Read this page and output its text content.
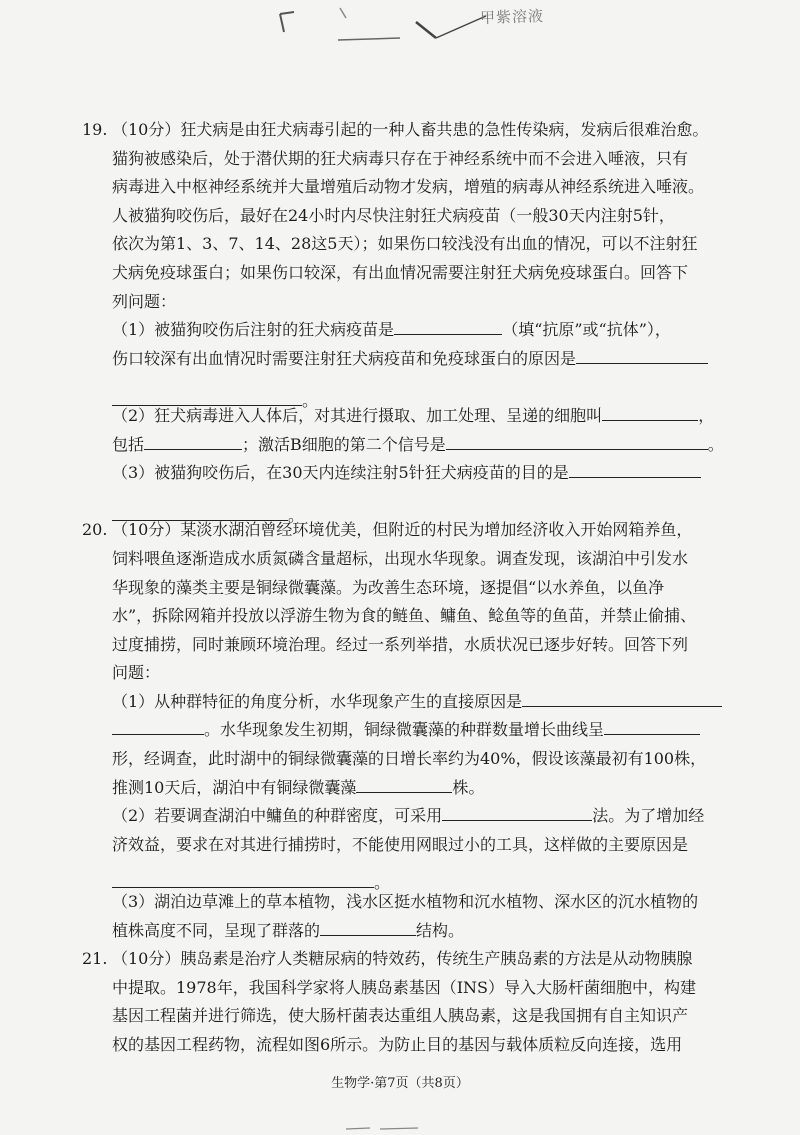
甲紫溶液
19. （10分）狂犬病是由狂犬病毒引起的一种人畜共患的急性传染病，发病后很难治愈。
猫狗被感染后，处于潜伏期的狂犬病毒只存在于神经系统中而不会进入唾液，只有
病毒进入中枢神经系统并大量增殖后动物才发病，增殖的病毒从神经系统进入唾液。
人被猫狗咬伤后，最好在24小时内尽快注射狂犬病疫苗（一般30天内注射5针，
依次为第1、3、7、14、28这5天）；如果伤口较浅没有出血的情况，可以不注射狂
犬病免疫球蛋白；如果伤口较深，有出血情况需要注射狂犬病免疫球蛋白。回答下
列问题：
（1）被猫狗咬伤后注射的狂犬病疫苗是	（填“抗原”或“抗体”），
伤口较深有出血情况时需要注射狂犬病疫苗和免疫球蛋白的原因是
。
（2）狂犬病毒进入人体后，对其进行摄取、加工处理、呈递的细胞叫	，
包括	；激活B细胞的第二个信号是	。
（3）被猫狗咬伤后，在30天内连续注射5针狂犬病疫苗的目的是
。
20. （10分）某淡水湖泊曾经环境优美，但附近的村民为增加经济收入开始网箱养鱼，
饲料喂鱼逐渐造成水质氮磷含量超标，出现水华现象。调查发现，该湖泊中引发水
华现象的藻类主要是铜绿微囊藻。为改善生态环境，逐提倡“以水养鱼，以鱼净
水”，拆除网箱并投放以浮游生物为食的鲢鱼、鳙鱼、鲶鱼等的鱼苗，并禁止偷捕、
过度捕捞，同时兼顾环境治理。经过一系列举措，水质状况已逐步好转。回答下列
问题：
（1）从种群特征的角度分析，水华现象产生的直接原因是
。水华现象发生初期，铜绿微囊藻的种群数量增长曲线呈
形，经调查，此时湖中的铜绿微囊藻的日增长率约为40%，假设该藻最初有100株，
推测10天后，湖泊中有铜绿微囊藻	株。
（2）若要调查湖泊中鳙鱼的种群密度，可采用	法。为了增加经
济效益，要求在对其进行捕捞时，不能使用网眼过小的工具，这样做的主要原因是
。
（3）湖泊边草滩上的草本植物，浅水区挺水植物和沉水植物、深水区的沉水植物的
植株高度不同，呈现了群落的	结构。
21. （10分）胰岛素是治疗人类糖尿病的特效药，传统生产胰岛素的方法是从动物胰腺
中提取。1978年，我国科学家将人胰岛素基因（INS）导入大肠杆菌细胞中，构建
基因工程菌并进行筛选，使大肠杆菌表达重组人胰岛素，这是我国拥有自主知识产
权的基因工程药物，流程如图6所示。为防止目的基因与载体质粒反向连接，选用
生物学·第7页（共8页）
